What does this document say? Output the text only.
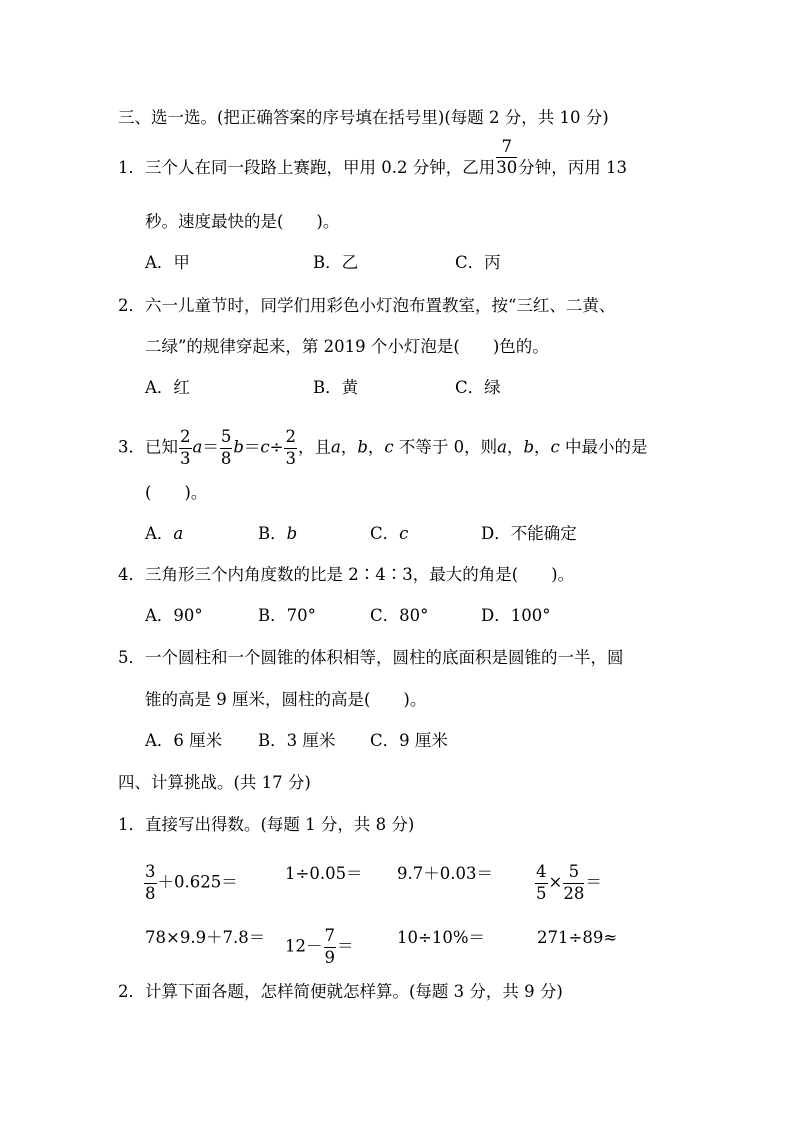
三、选一选。(把正确答案的序号填在括号里)(每题 2 分，共 10 分)
1．三个人在同一段路上赛跑，甲用 0.2 分钟，乙用 $\frac{7}{30}$ 分钟，丙用 13
秒。速度最快的是(　　)。
A．甲	B．乙	C．丙
2．六一儿童节时，同学们用彩色小灯泡布置教室，按“三红、二黄、
二绿”的规律穿起来，第 2019 个小灯泡是(　　)色的。
A．红	B．黄	C．绿
3．已知 $\frac{2}{3} a= \frac{5}{8} b=c\div \frac{2}{3}$ ，且a，b，c 不等于 0，则a，b，c 中最小的是
(　　)。
A．a	B．b	C．c	D．不能确定
4．三角形三个内角度数的比是 2∶4∶3，最大的角是(　　)。
A．90°	B．70°	C．80°	D．100°
5．一个圆柱和一个圆锥的体积相等，圆柱的底面积是圆锥的一半，圆
锥的高是 9 厘米，圆柱的高是(　　)。
A．6 厘米 B．3 厘米 C．9 厘米
四、计算挑战。(共 17 分)
1．直接写出得数。(每题 1 分，共 8 分)
$\frac{3}{8} +0.625=$	1÷0.05＝ 9.7＋0.03＝	$\frac{4}{5} \times \frac{5}{28}$ ＝
$78\times 9.9+7.8= 12- \frac{7}{9}$ ＝	10÷10%＝	271÷89≈
2．计算下面各题，怎样简便就怎样算。(每题 3 分，共 9 分)
